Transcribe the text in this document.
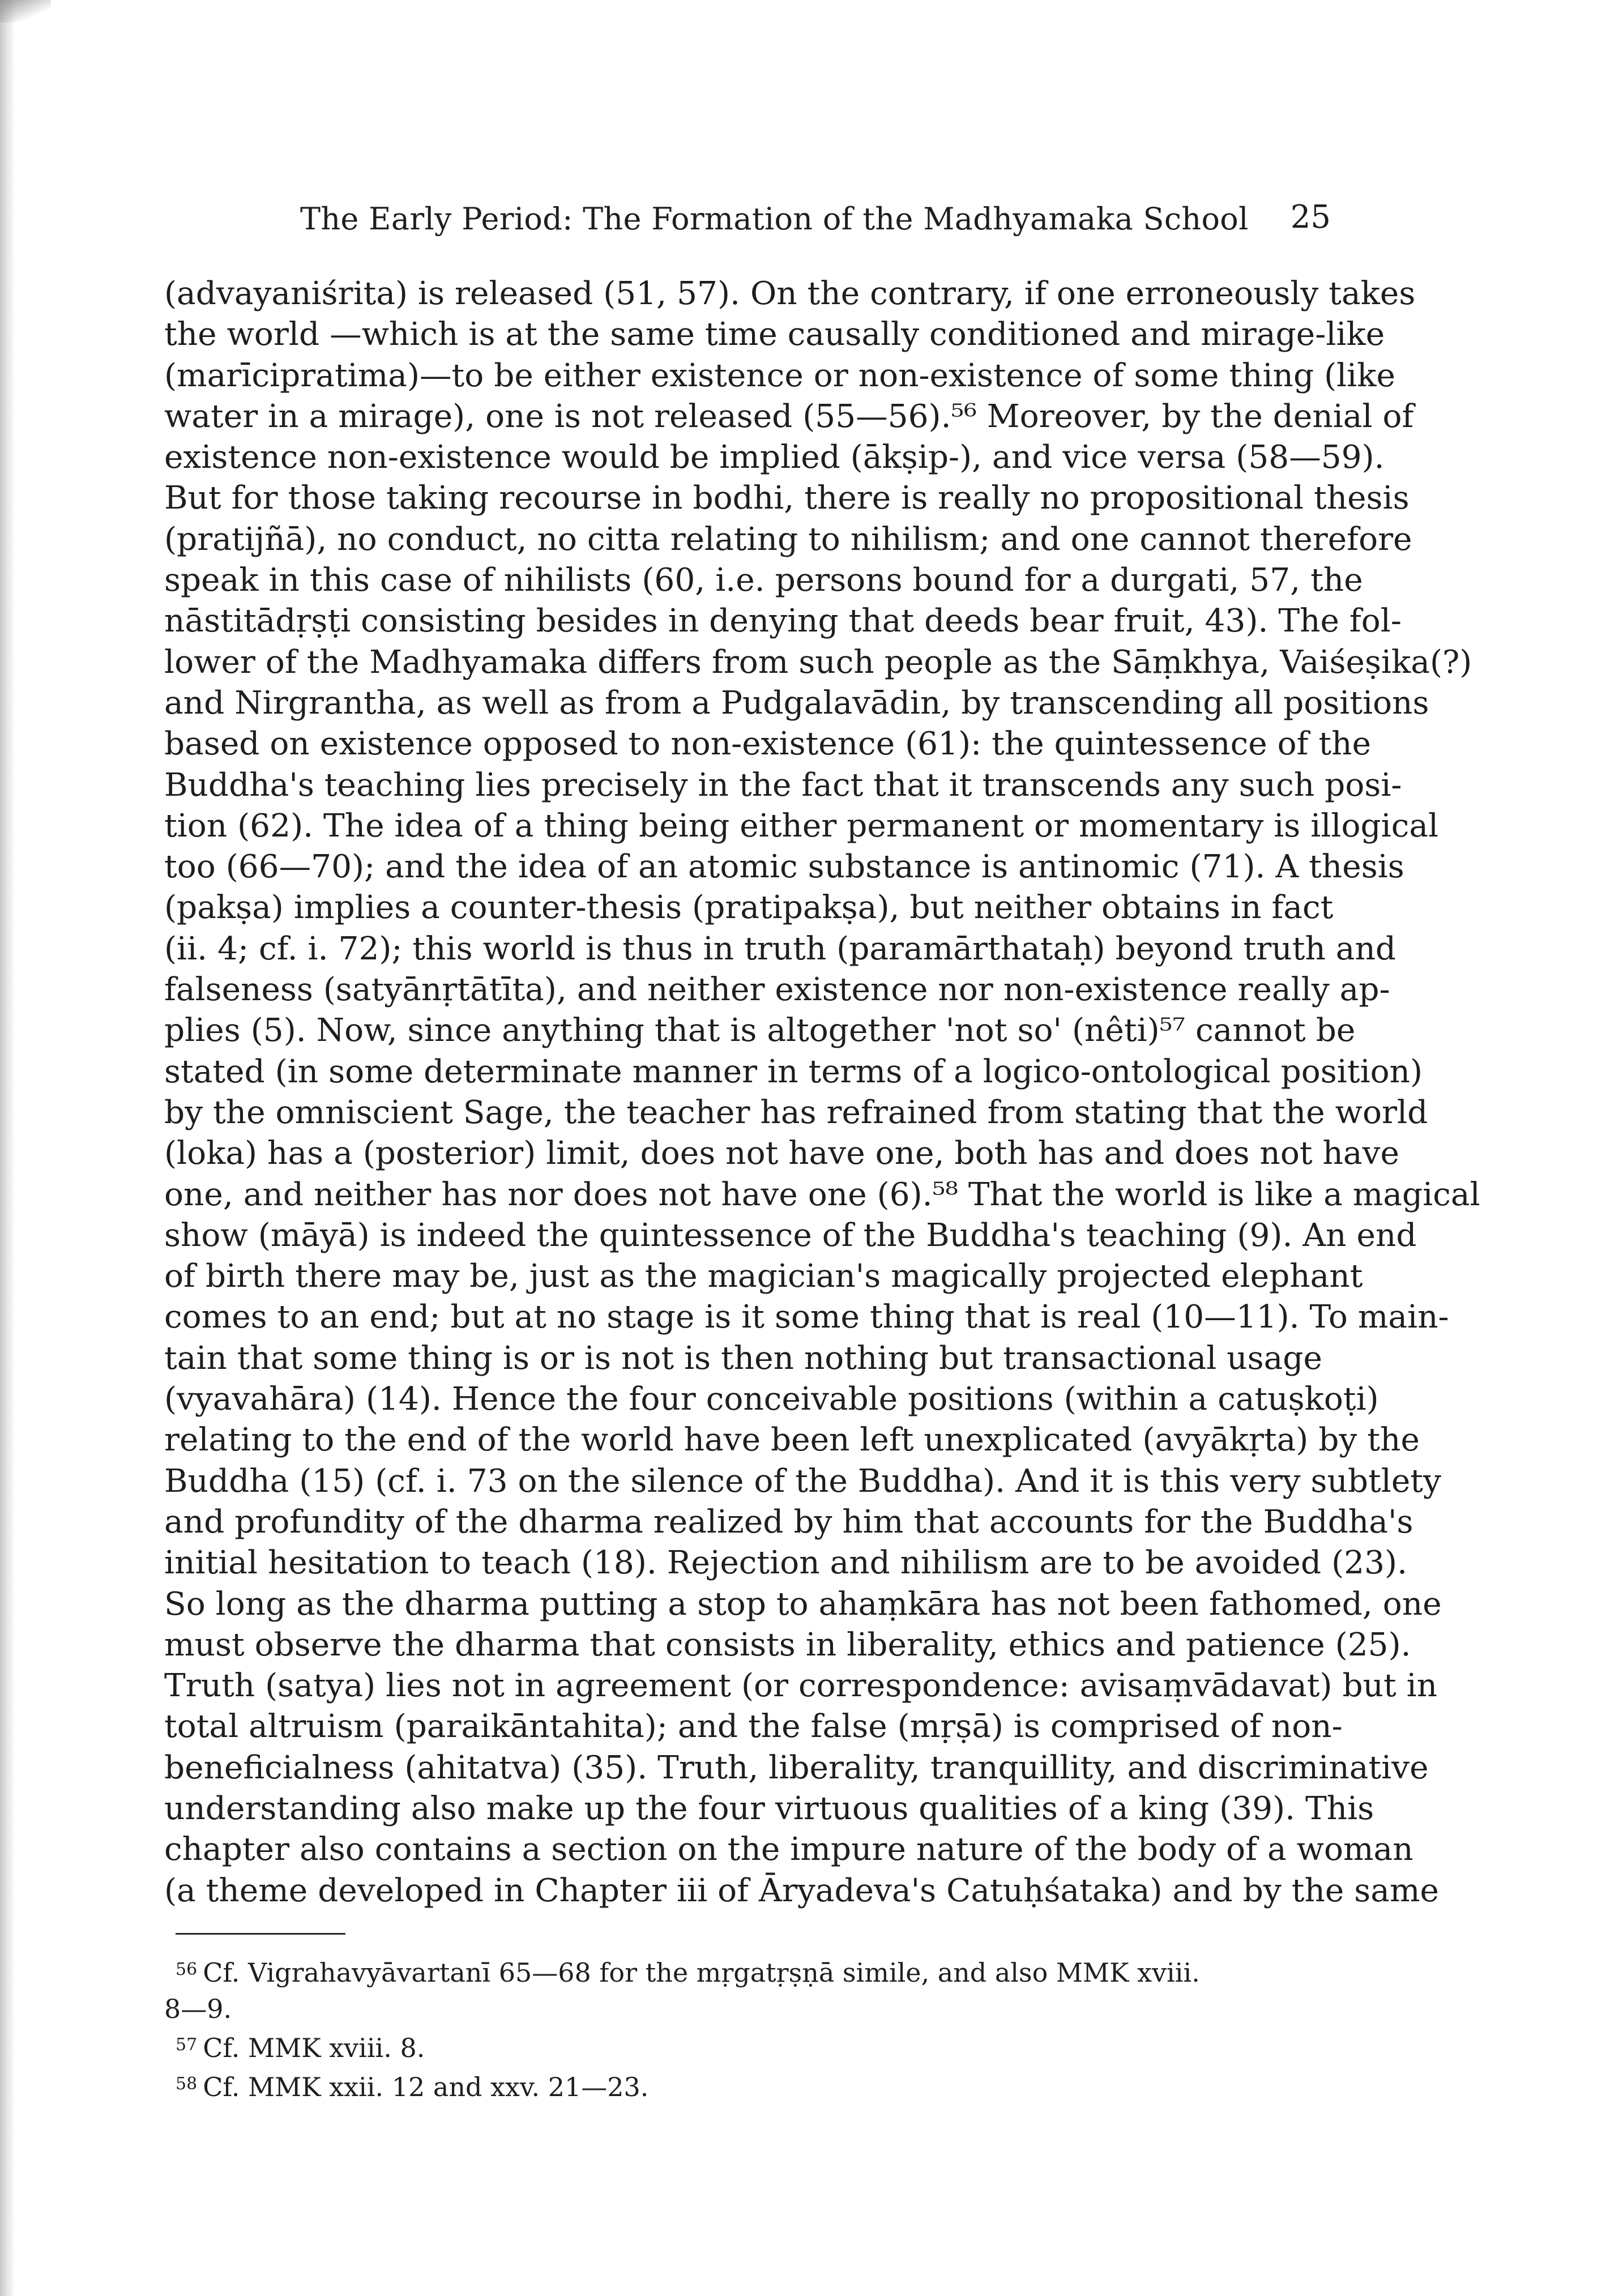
The Early Period: The Formation of the Madhyamaka School 25
(advayaniśrita) is released (51, 57). On the contrary, if one erroneously takes
the world —which is at the same time causally conditioned and mirage-like
(marīcipratima)—to be either existence or non-existence of some thing (like
water in a mirage), one is not released (55—56).⁵⁶ Moreover, by the denial of
existence non-existence would be implied (ākṣip-), and vice versa (58—59).
But for those taking recourse in bodhi, there is really no propositional thesis
(pratijñā), no conduct, no citta relating to nihilism; and one cannot therefore
speak in this case of nihilists (60, i.e. persons bound for a durgati, 57, the
nāstitādṛṣṭi consisting besides in denying that deeds bear fruit, 43). The fol-
lower of the Madhyamaka differs from such people as the Sāṃkhya, Vaiśeṣika(?)
and Nirgrantha, as well as from a Pudgalavādin, by transcending all positions
based on existence opposed to non-existence (61): the quintessence of the
Buddha's teaching lies precisely in the fact that it transcends any such posi-
tion (62). The idea of a thing being either permanent or momentary is illogical
too (66—70); and the idea of an atomic substance is antinomic (71). A thesis
(pakṣa) implies a counter-thesis (pratipakṣa), but neither obtains in fact
(ii. 4; cf. i. 72); this world is thus in truth (paramārthataḥ) beyond truth and
falseness (satyānṛtātīta), and neither existence nor non-existence really ap-
plies (5). Now, since anything that is altogether 'not so' (nêti)⁵⁷ cannot be
stated (in some determinate manner in terms of a logico-ontological position)
by the omniscient Sage, the teacher has refrained from stating that the world
(loka) has a (posterior) limit, does not have one, both has and does not have
one, and neither has nor does not have one (6).⁵⁸ That the world is like a magical
show (māyā) is indeed the quintessence of the Buddha's teaching (9). An end
of birth there may be, just as the magician's magically projected elephant
comes to an end; but at no stage is it some thing that is real (10—11). To main-
tain that some thing is or is not is then nothing but transactional usage
(vyavahāra) (14). Hence the four conceivable positions (within a catuṣkoṭi)
relating to the end of the world have been left unexplicated (avyākṛta) by the
Buddha (15) (cf. i. 73 on the silence of the Buddha). And it is this very subtlety
and profundity of the dharma realized by him that accounts for the Buddha's
initial hesitation to teach (18). Rejection and nihilism are to be avoided (23).
So long as the dharma putting a stop to ahaṃkāra has not been fathomed, one
must observe the dharma that consists in liberality, ethics and patience (25).
Truth (satya) lies not in agreement (or correspondence: avisaṃvādavat) but in
total altruism (paraikāntahita); and the false (mṛṣā) is comprised of non-
beneficialness (ahitatva) (35). Truth, liberality, tranquillity, and discriminative
understanding also make up the four virtuous qualities of a king (39). This
chapter also contains a section on the impure nature of the body of a woman
(a theme developed in Chapter iii of Āryadeva's Catuḥśataka) and by the same
$^{56}$ Cf. Vigrahavyāvartanī 65—68 for the mṛgatṛṣṇā simile, and also MMK xviii.
8—9.
$^{57}$ Cf. MMK xviii. 8.
$^{58}$ Cf. MMK xxii. 12 and xxv. 21—23.
